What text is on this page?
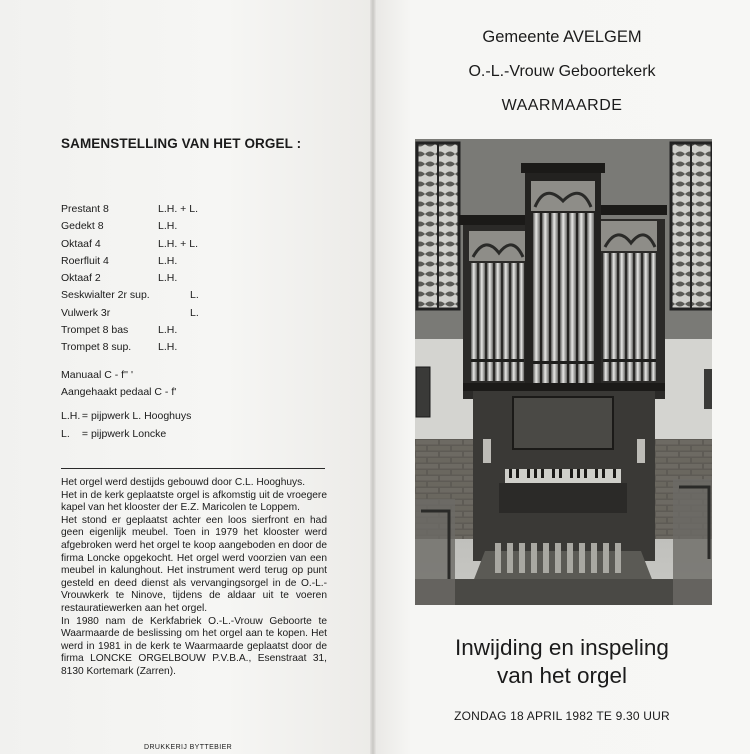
SAMENSTELLING VAN HET ORGEL :
Prestant 8	L.H. + L.
Gedekt 8	L.H.
Oktaaf 4	L.H. + L.
Roerfluit 4	L.H.
Oktaaf 2	L.H.
Seskwialter 2r sup.	L.
Vulwerk 3r	L.
Trompet 8 bas	L.H.
Trompet 8 sup.	L.H.
Manuaal C - f'' '
Aangehaakt pedaal C - f'
L.H. = pijpwerk L. Hooghuys
L. = pijpwerk Loncke

Het orgel werd destijds gebouwd door C.L. Hooghuys.

Het in de kerk geplaatste orgel is afkomstig uit de vroegere kapel van het klooster der E.Z. Maricolen te Loppem.

Het stond er geplaatst achter een loos sierfront en had geen eigenlijk meubel. Toen in 1979 het klooster werd afgebroken werd het orgel te koop aangeboden en door de firma Loncke opgekocht. Het orgel werd voorzien van een meubel in kalunghout. Het instrument werd terug op punt gesteld en deed dienst als vervangingsorgel in de O.-L.-Vrouwkerk te Ninove, tijdens de aldaar uit te voeren restauratiewerken aan het orgel.

In 1980 nam de Kerkfabriek O.-L.-Vrouw Geboorte te Waarmaarde de beslissing om het orgel aan te kopen. Het werd in 1981 in de kerk te Waarmaarde geplaatst door de firma LONCKE ORGELBOUW P.V.B.A., Esenstraat 31, 8130 Kortemark (Zarren).

DRUKKERIJ BYTTEBIER
Gemeente AVELGEM
O.-L.-Vrouw Geboortekerk
WAARMAARDE
Inwijding en inspeling
van het orgel
ZONDAG 18 APRIL 1982 TE 9.30 UUR
